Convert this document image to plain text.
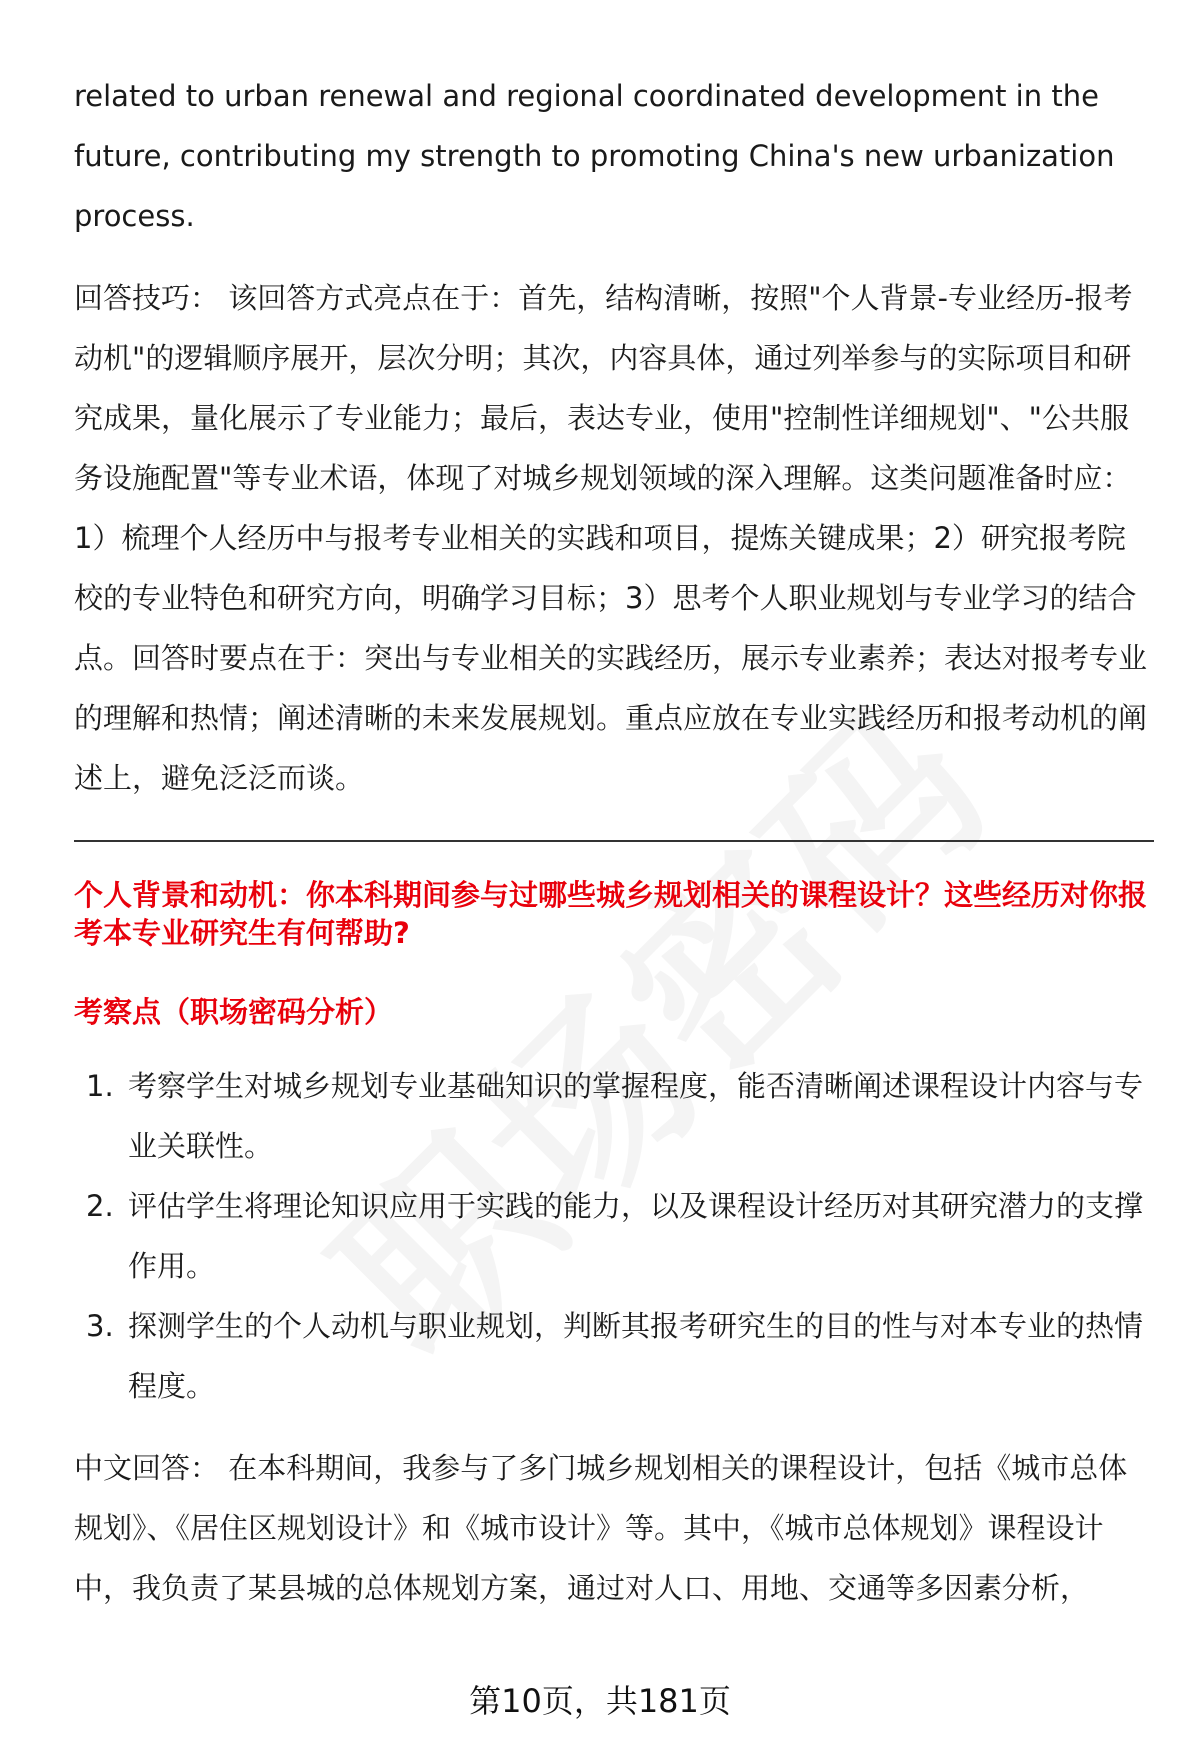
related to urban renewal and regional coordinated development in the future, contributing my strength to promoting China's new urbanization process.

回答技巧： 该回答方式亮点在于：首先，结构清晰，按照"个人背景-专业经历-报考动机"的逻辑顺序展开，层次分明；其次，内容具体，通过列举参与的实际项目和研究成果，量化展示了专业能力；最后，表达专业，使用"控制性详细规划"、"公共服务设施配置"等专业术语，体现了对城乡规划领域的深入理解。这类问题准备时应：1）梳理个人经历中与报考专业相关的实践和项目，提炼关键成果；2）研究报考院校的专业特色和研究方向，明确学习目标；3）思考个人职业规划与专业学习的结合点。回答时要点在于：突出与专业相关的实践经历，展示专业素养；表达对报考专业的理解和热情；阐述清晰的未来发展规划。重点应放在专业实践经历和报考动机的阐述上，避免泛泛而谈。

个人背景和动机：你本科期间参与过哪些城乡规划相关的课程设计？这些经历对你报考本专业研究生有何帮助?

考察点（职场密码分析）

1. 考察学生对城乡规划专业基础知识的掌握程度，能否清晰阐述课程设计内容与专业关联性。
2. 评估学生将理论知识应用于实践的能力，以及课程设计经历对其研究潜力的支撑作用。
3. 探测学生的个人动机与职业规划，判断其报考研究生的目的性与对本专业的热情程度。

中文回答： 在本科期间，我参与了多门城乡规划相关的课程设计，包括《城市总体规划》、《居住区规划设计》和《城市设计》等。其中，《城市总体规划》课程设计中，我负责了某县城的总体规划方案，通过对人口、用地、交通等多因素分析，

第10页，共181页
